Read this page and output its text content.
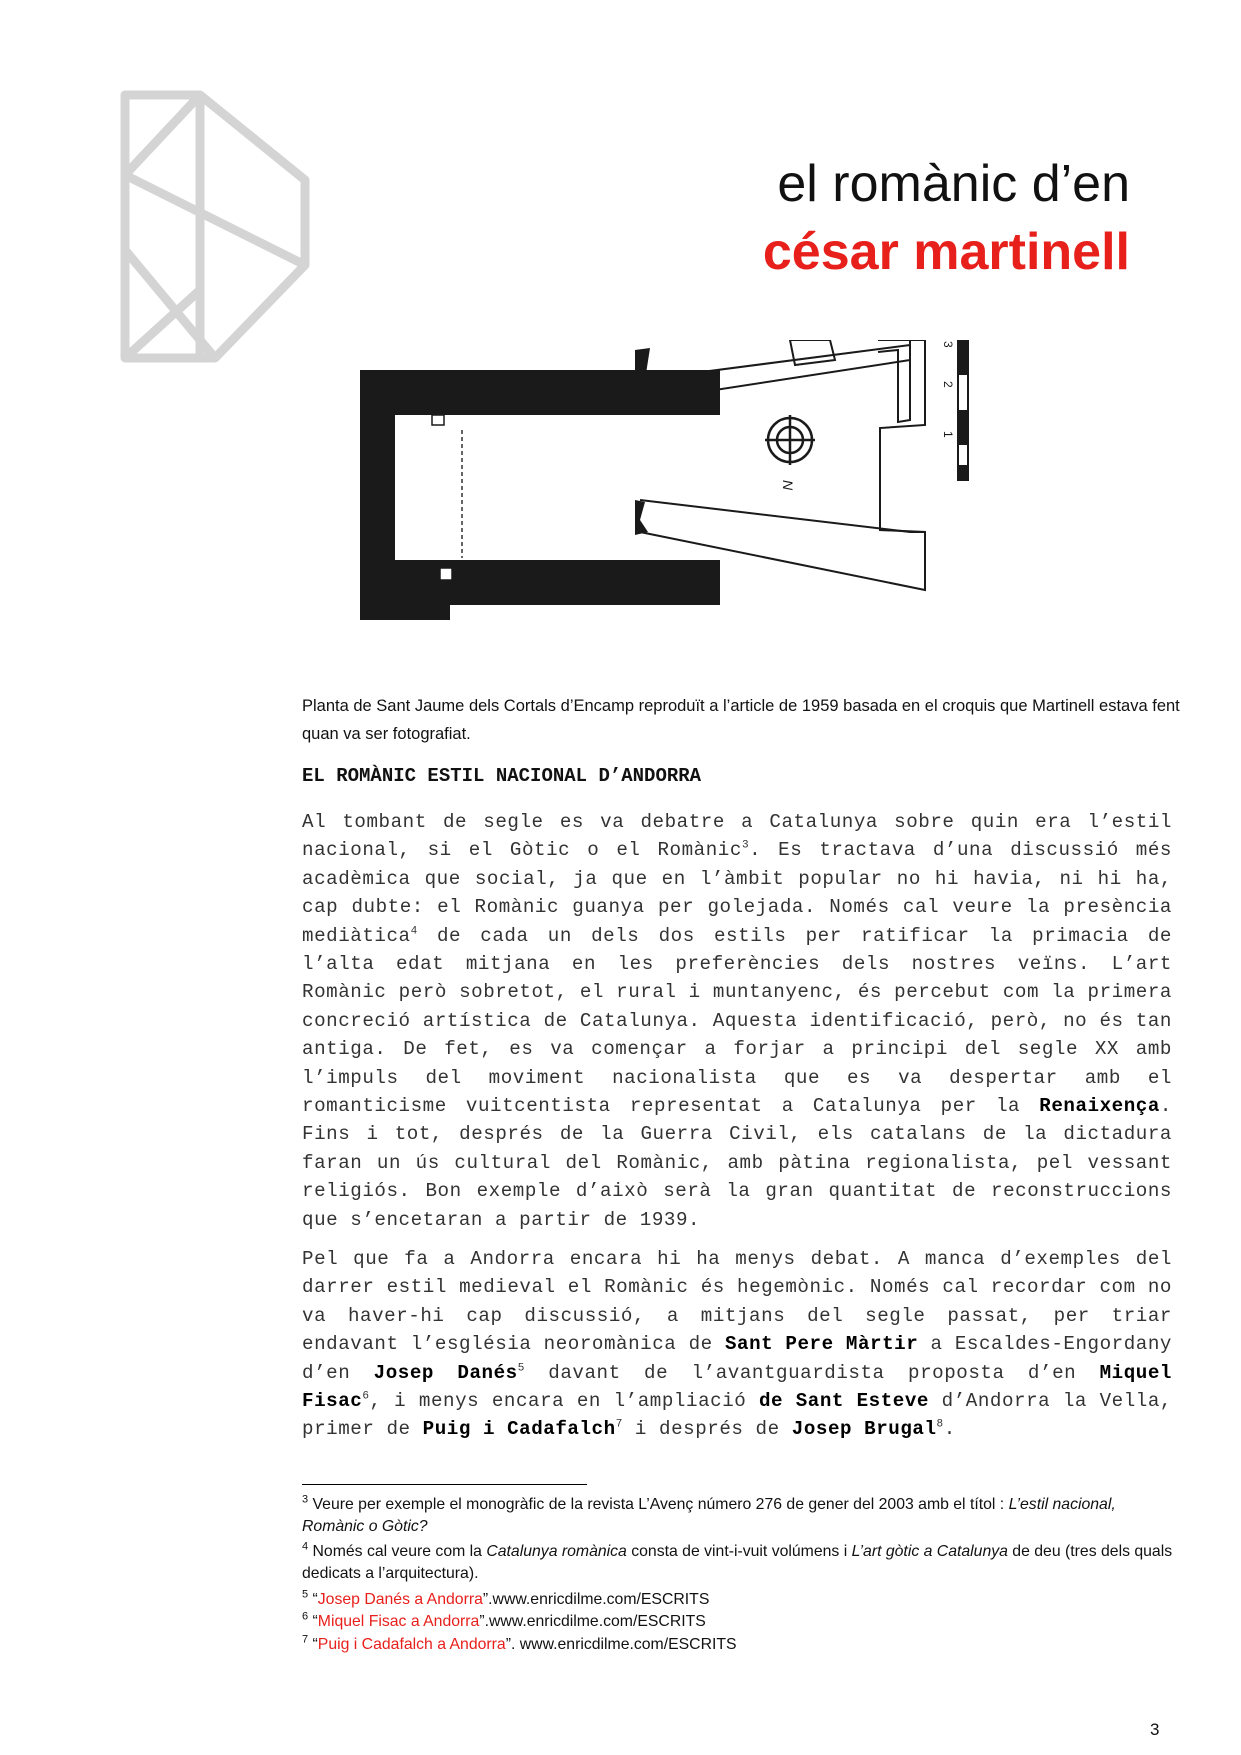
el romànic d’en
césar martinell
N
3
2
1
Planta de Sant Jaume dels Cortals d’Encamp reproduït a l’article de 1959 basada en el croquis que Martinell estava fent quan va ser fotografiat.
EL ROMÀNIC ESTIL NACIONAL D’ANDORRA
Al tombant de segle es va debatre a Catalunya sobre quin era l’estil nacional, si el Gòtic o el Romànic$^3$. Es tractava d’una discussió més acadèmica que social, ja que en l’àmbit popular no hi havia, ni hi ha, cap dubte: el Romànic guanya per golejada. Només cal veure la presència mediàtica$^4$ de cada un dels dos estils per ratificar la primacia de l’alta edat mitjana en les preferències dels nostres veïns. L’art Romànic però sobretot, el rural i muntanyenc, és percebut com la primera concreció artística de Catalunya. Aquesta identificació, però, no és tan antiga. De fet, es va començar a forjar a principi del segle XX amb l’impuls del moviment nacionalista que es va despertar amb el romanticisme vuitcentista representat a Catalunya per la Renaixença. Fins i tot, després de la Guerra Civil, els catalans de la dictadura faran un ús cultural del Romànic, amb pàtina regionalista, pel vessant religiós. Bon exemple d’això serà la gran quantitat de reconstruccions que s’encetaran a partir de 1939.
Pel que fa a Andorra encara hi ha menys debat. A manca d’exemples del darrer estil medieval el Romànic és hegemònic. Només cal recordar com no va haver-hi cap discussió, a mitjans del segle passat, per triar endavant l’església neoromànica de Sant Pere Màrtir a Escaldes-Engordany d’en Josep Danés$^5$ davant de l’avantguardista proposta d’en Miquel Fisac$^6$, i menys encara en l’ampliació de Sant Esteve d’Andorra la Vella, primer de Puig i Cadafalch$^7$ i després de Josep Brugal$^8$.
$^3$ Veure per exemple el monogràfic de la revista L’Avenç número 276 de gener del 2003 amb el títol : L’estil nacional, Romànic o Gòtic?
$^4$ Només cal veure com la Catalunya romànica consta de vint-i-vuit volúmens i L’art gòtic a Catalunya de deu (tres dels quals dedicats a l’arquitectura).
$^5$ “Josep Danés a Andorra”.www.enricdilme.com/ESCRITS
$^6$ “Miquel Fisac a Andorra”.www.enricdilme.com/ESCRITS
$^7$ “Puig i Cadafalch a Andorra”. www.enricdilme.com/ESCRITS
3
